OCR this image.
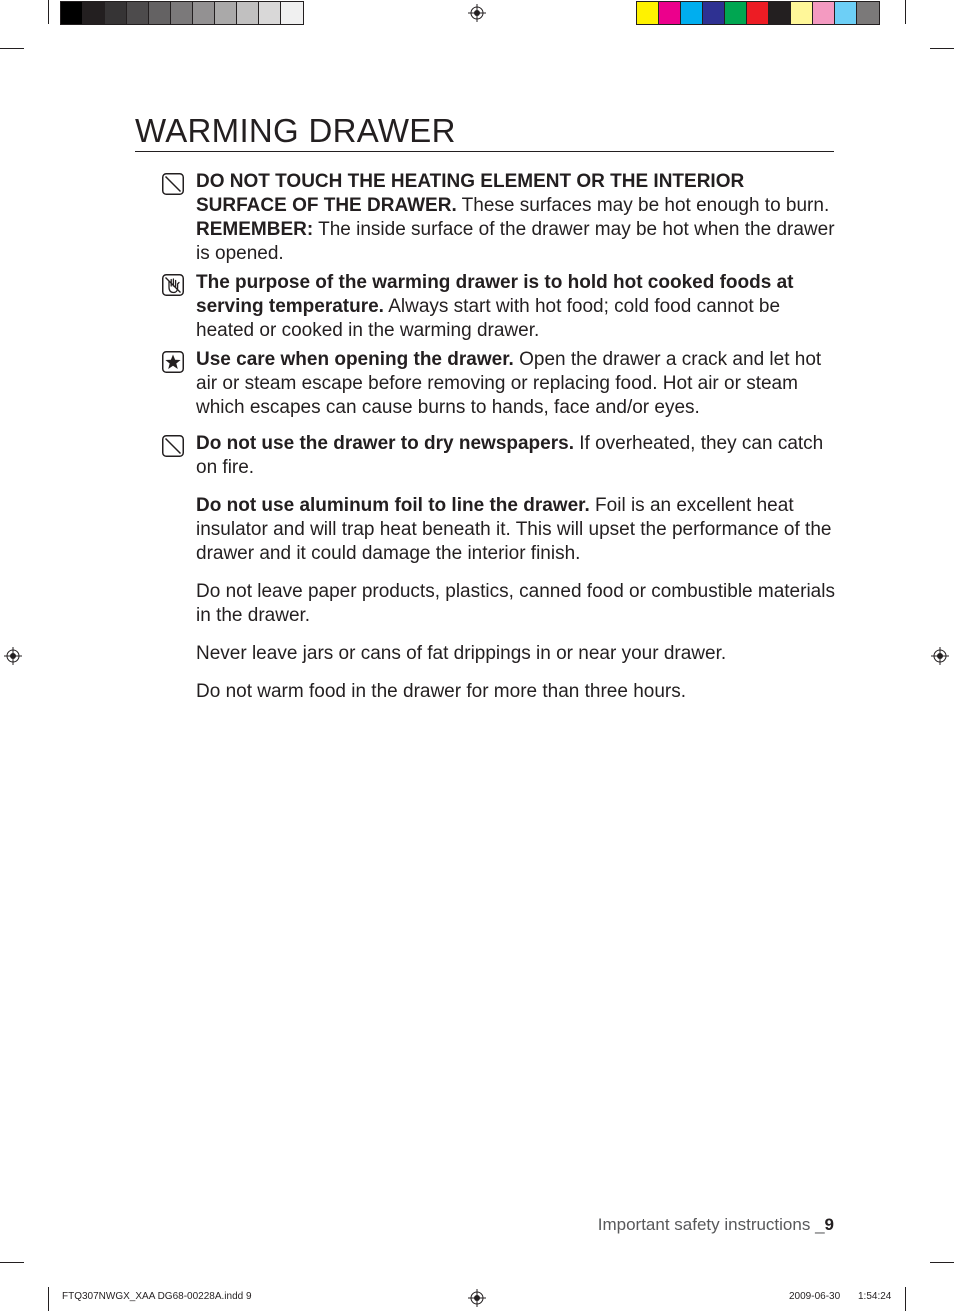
WARMING DRAWER

DO NOT TOUCH THE HEATING ELEMENT OR THE INTERIOR SURFACE OF THE DRAWER. These surfaces may be hot enough to burn.

REMEMBER: The inside surface of the drawer may be hot when the drawer is opened.

The purpose of the warming drawer is to hold hot cooked foods at serving temperature. Always start with hot food; cold food cannot be heated or cooked in the warming drawer.

Use care when opening the drawer. Open the drawer a crack and let hot air or steam escape before removing or replacing food. Hot air or steam which escapes can cause burns to hands, face and/or eyes.

Do not use the drawer to dry newspapers. If overheated, they can catch on fire.

Do not use aluminum foil to line the drawer. Foil is an excellent heat insulator and will trap heat beneath it. This will upset the performance of the drawer and it could damage the interior finish.

Do not leave paper products, plastics, canned food or combustible materials in the drawer.

Never leave jars or cans of fat drippings in or near your drawer.

Do not warm food in the drawer for more than three hours.

Important safety instructions _9
FTQ307NWGX_XAA DG68-00228A.indd 9	2009-06-30 1:54:24
